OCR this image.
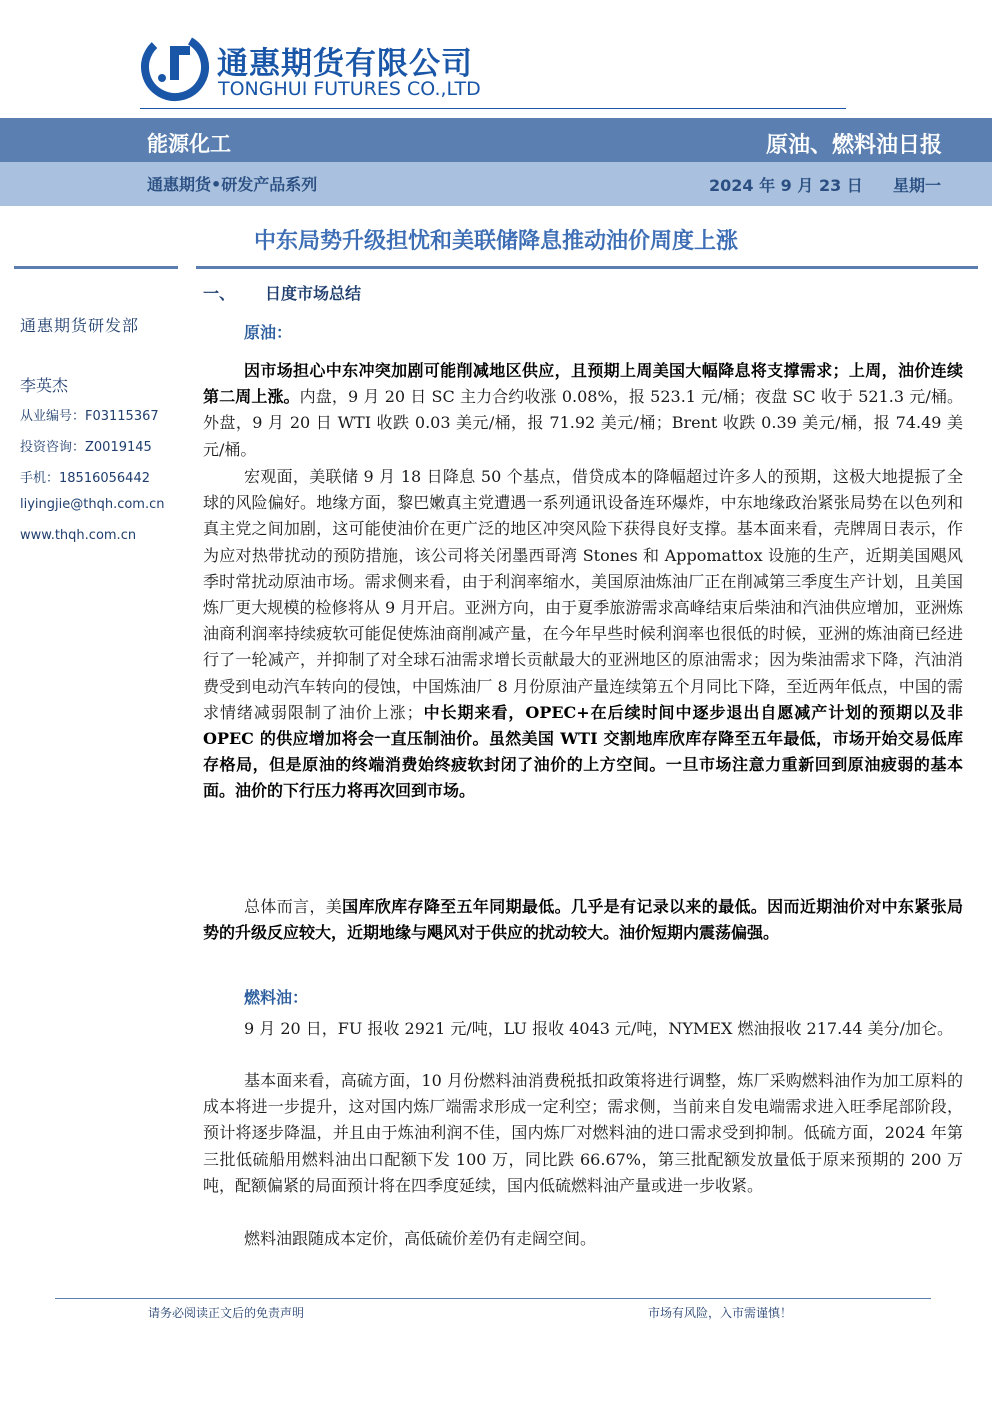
通惠期货有限公司
TONGHUI FUTURES CO.,LTD
能源化工	原油、燃料油日报
通惠期货•研发产品系列	2024 年 9 月 23 日 星期一
中东局势升级担忧和美联储降息推动油价周度上涨
通惠期货研发部
李英杰
从业编号：F03115367
投资咨询：Z0019145
手机：18516056442
liyingjie@thqh.com.cn
www.thqh.com.cn
一、 日度市场总结
原油：

因市场担心中东冲突加剧可能削减地区供应，且预期上周美国大幅降息将支撑需求；上周，油价连续第二周上涨。内盘，9 月 20 日 SC 主力合约收涨 0.08%，报 523.1 元/桶；夜盘 SC 收于 521.3 元/桶。外盘，9 月 20 日 WTI 收跌 0.03 美元/桶，报 71.92 美元/桶；Brent 收跌 0.39 美元/桶，报 74.49 美元/桶。

宏观面，美联储 9 月 18 日降息 50 个基点，借贷成本的降幅超过许多人的预期，这极大地提振了全球的风险偏好。地缘方面，黎巴嫩真主党遭遇一系列通讯设备连环爆炸，中东地缘政治紧张局势在以色列和真主党之间加剧，这可能使油价在更广泛的地区冲突风险下获得良好支撑。基本面来看，壳牌周日表示，作为应对热带扰动的预防措施，该公司将关闭墨西哥湾 Stones 和 Appomattox 设施的生产，近期美国飓风季时常扰动原油市场。需求侧来看，由于利润率缩水，美国原油炼油厂正在削减第三季度生产计划，且美国炼厂更大规模的检修将从 9 月开启。亚洲方向，由于夏季旅游需求高峰结束后柴油和汽油供应增加，亚洲炼油商利润率持续疲软可能促使炼油商削减产量，在今年早些时候利润率也很低的时候，亚洲的炼油商已经进行了一轮减产，并抑制了对全球石油需求增长贡献最大的亚洲地区的原油需求；因为柴油需求下降，汽油消费受到电动汽车转向的侵蚀，中国炼油厂 8 月份原油产量连续第五个月同比下降，至近两年低点，中国的需求情绪减弱限制了油价上涨；中长期来看，OPEC+在后续时间中逐步退出自愿减产计划的预期以及非 OPEC 的供应增加将会一直压制油价。虽然美国 WTI 交割地库欣库存降至五年最低，市场开始交易低库存格局，但是原油的终端消费始终疲软封闭了油价的上方空间。一旦市场注意力重新回到原油疲弱的基本面。油价的下行压力将再次回到市场。

总体而言，美国库欣库存降至五年同期最低。几乎是有记录以来的最低。因而近期油价对中东紧张局势的升级反应较大，近期地缘与飓风对于供应的扰动较大。油价短期内震荡偏强。

燃料油：

9 月 20 日，FU 报收 2921 元/吨，LU 报收 4043 元/吨，NYMEX 燃油报收 217.44 美分/加仑。

基本面来看，高硫方面，10 月份燃料油消费税抵扣政策将进行调整，炼厂采购燃料油作为加工原料的成本将进一步提升，这对国内炼厂端需求形成一定利空；需求侧，当前来自发电端需求进入旺季尾部阶段，预计将逐步降温，并且由于炼油利润不佳，国内炼厂对燃料油的进口需求受到抑制。低硫方面，2024 年第三批低硫船用燃料油出口配额下发 100 万，同比跌 66.67%，第三批配额发放量低于原来预期的 200 万吨，配额偏紧的局面预计将在四季度延续，国内低硫燃料油产量或进一步收紧。

燃料油跟随成本定价，高低硫价差仍有走阔空间。

请务必阅读正文后的免责声明	市场有风险，入市需谨慎！
